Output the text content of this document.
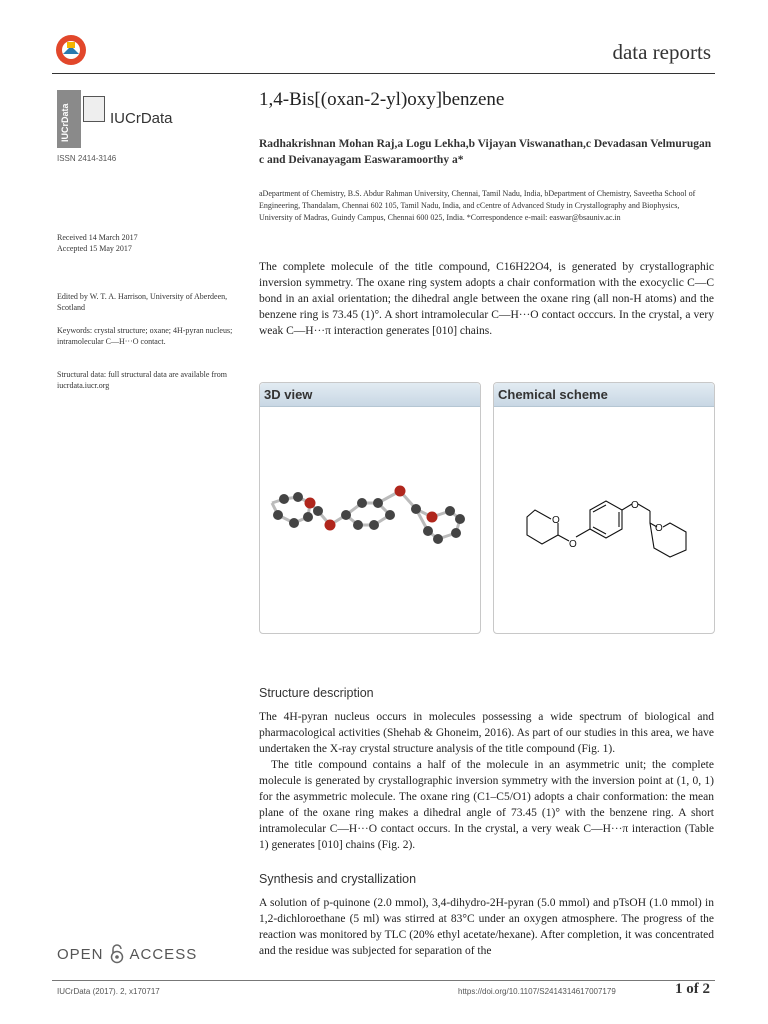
data reports
IUCrData	IUCrData
ISSN 2414-3146
Received 14 March 2017
Accepted 15 May 2017
Edited by W. T. A. Harrison, University of Aberdeen, Scotland
Keywords: crystal structure; oxane; 4H-pyran nucleus; intramolecular C—H···O contact.
Structural data: full structural data are available from iucrdata.iucr.org
OPEN ACCESS
1,4-Bis[(oxan-2-yl)oxy]benzene
Radhakrishnan Mohan Raj,a Logu Lekha,b Vijayan Viswanathan,c Devadasan Velmurugan c and Deivanayagam Easwaramoorthy a*
aDepartment of Chemistry, B.S. Abdur Rahman University, Chennai, Tamil Nadu, India, bDepartment of Chemistry, Saveetha School of Engineering, Thandalam, Chennai 602 105, Tamil Nadu, India, and cCentre of Advanced Study in Crystallography and Biophysics, University of Madras, Guindy Campus, Chennai 600 025, India. *Correspondence e-mail: easwar@bsauniv.ac.in
The complete molecule of the title compound, C16H22O4, is generated by crystallographic inversion symmetry. The oxane ring system adopts a chair conformation with the exocyclic C—C bond in an axial orientation; the dihedral angle between the oxane ring (all non-H atoms) and the benzene ring is 73.45 (1)°. A short intramolecular C—H···O contact occcurs. In the crystal, a very weak C—H···π interaction generates [010] chains.
3D view	Chemical scheme
O
O
O
O
Structure description

The 4H-pyran nucleus occurs in molecules possessing a wide spectrum of biological and pharmacological activities (Shehab & Ghoneim, 2016). As part of our studies in this area, we have undertaken the X-ray crystal structure analysis of the title compound (Fig. 1).

The title compound contains a half of the molecule in an asymmetric unit; the complete molecule is generated by crystallographic inversion symmetry with the inversion point at (1, 0, 1) for the asymmetric molecule. The oxane ring (C1–C5/O1) adopts a chair conformation: the mean plane of the oxane ring makes a dihedral angle of 73.45 (1)° with the benzene ring. A short intramolecular C—H···O contact occurs. In the crystal, a very weak C—H···π interaction (Table 1) generates [010] chains (Fig. 2).

Synthesis and crystallization
A solution of p-quinone (2.0 mmol), 3,4-dihydro-2H-pyran (5.0 mmol) and pTsOH (1.0 mmol) in 1,2-dichloroethane (5 ml) was stirred at 83°C under an oxygen atmosphere. The progress of the reaction was monitored by TLC (20% ethyl acetate/hexane). After completion, it was concentrated and the residue was subjected for separation of the
IUCrData (2017). 2, x170717	https://doi.org/10.1107/S2414314617007179	1 of 2
